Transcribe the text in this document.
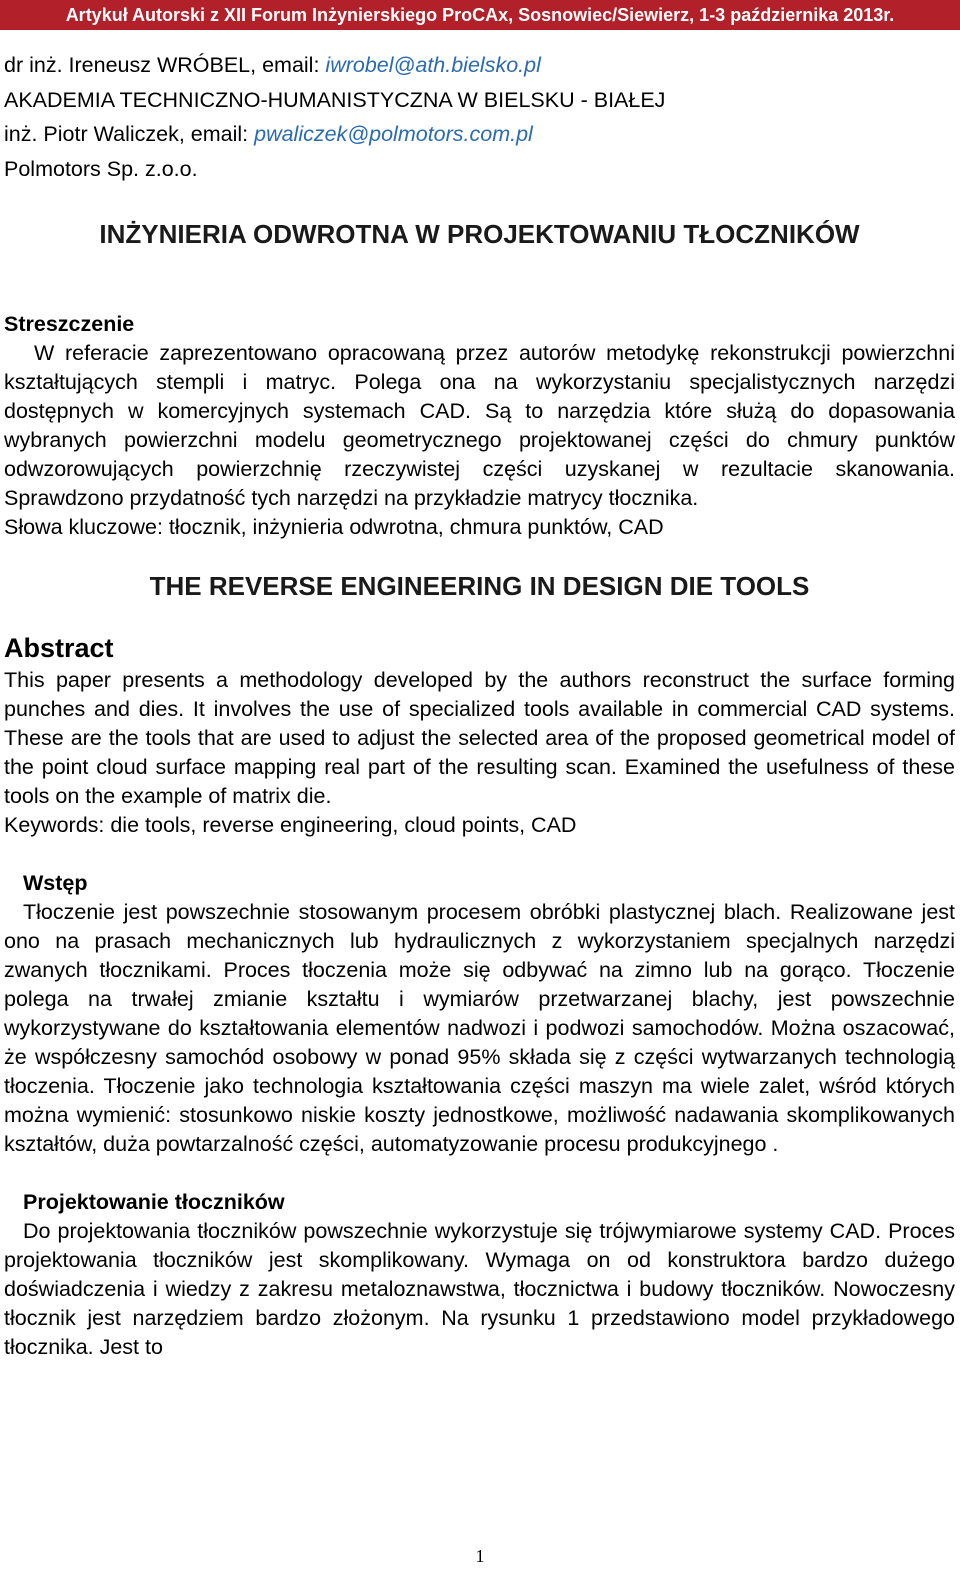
Artykuł Autorski z XII Forum Inżynierskiego ProCAx, Sosnowiec/Siewierz, 1-3 października 2013r.
dr inż. Ireneusz WRÓBEL, email: iwrobel@ath.bielsko.pl
AKADEMIA TECHNICZNO-HUMANISTYCZNA W BIELSKU - BIAŁEJ
inż. Piotr Waliczek, email: pwaliczek@polmotors.com.pl
Polmotors Sp. z.o.o.
INŻYNIERIA ODWROTNA W PROJEKTOWANIU TŁOCZNIKÓW
Streszczenie

W referacie zaprezentowano opracowaną przez autorów metodykę rekonstrukcji powierzchni kształtujących stempli i matryc. Polega ona na wykorzystaniu specjalistycznych narzędzi dostępnych w komercyjnych systemach CAD. Są to narzędzia które służą do dopasowania wybranych powierzchni modelu geometrycznego projektowanej części do chmury punktów odwzorowujących powierzchnię rzeczywistej części uzyskanej w rezultacie skanowania. Sprawdzono przydatność tych narzędzi na przykładzie matrycy tłocznika.

Słowa kluczowe: tłocznik, inżynieria odwrotna, chmura punktów, CAD

THE REVERSE ENGINEERING IN DESIGN DIE TOOLS
Abstract

This paper presents a methodology developed by the authors reconstruct the surface forming punches and dies. It involves the use of specialized tools available in commercial CAD systems. These are the tools that are used to adjust the selected area of the proposed geometrical model of the point cloud surface mapping real part of the resulting scan. Examined the usefulness of these tools on the example of matrix die.

Keywords: die tools, reverse engineering, cloud points, CAD

Wstęp

Tłoczenie jest powszechnie stosowanym procesem obróbki plastycznej blach. Realizowane jest ono na prasach mechanicznych lub hydraulicznych z wykorzystaniem specjalnych narzędzi zwanych tłocznikami. Proces tłoczenia może się odbywać na zimno lub na gorąco. Tłoczenie polega na trwałej zmianie kształtu i wymiarów przetwarzanej blachy, jest powszechnie wykorzystywane do kształtowania elementów nadwozi i podwozi samochodów. Można oszacować, że współczesny samochód osobowy w ponad 95% składa się z części wytwarzanych technologią tłoczenia. Tłoczenie jako technologia kształtowania części maszyn ma wiele zalet, wśród których można wymienić: stosunkowo niskie koszty jednostkowe, możliwość nadawania skomplikowanych kształtów, duża powtarzalność części, automatyzowanie procesu produkcyjnego .

Projektowanie tłoczników

Do projektowania tłoczników powszechnie wykorzystuje się trójwymiarowe systemy CAD. Proces projektowania tłoczników jest skomplikowany. Wymaga on od konstruktora bardzo dużego doświadczenia i wiedzy z zakresu metaloznawstwa, tłocznictwa i budowy tłoczników. Nowoczesny tłocznik jest narzędziem bardzo złożonym. Na rysunku 1 przedstawiono model przykładowego tłocznika. Jest to

1
